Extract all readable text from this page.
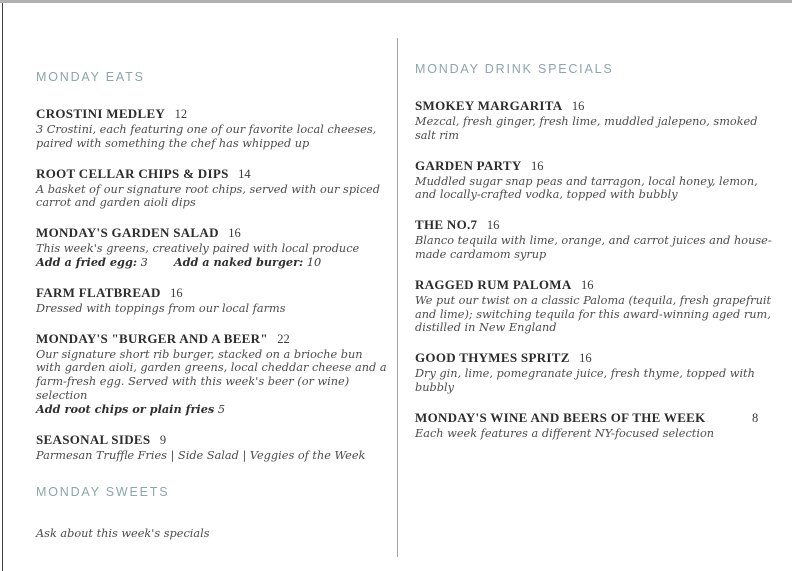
MONDAY EATS
CROSTINI MEDLEY 12
3 Crostini, each featuring one of our favorite local cheeses, paired with something the chef has whipped up
ROOT CELLAR CHIPS & DIPS 14
A basket of our signature root chips, served with our spiced carrot and garden aioli dips
MONDAY'S GARDEN SALAD 16
This week's greens, creatively paired with local produce
Add a fried egg: 3 Add a naked burger: 10
FARM FLATBREAD 16
Dressed with toppings from our local farms
MONDAY'S "BURGER AND A BEER" 22
Our signature short rib burger, stacked on a brioche bun with garden aioli, garden greens, local cheddar cheese and a farm-fresh egg. Served with this week's beer (or wine) selection
Add root chips or plain fries 5
SEASONAL SIDES 9
Parmesan Truffle Fries | Side Salad | Veggies of the Week
MONDAY SWEETS
Ask about this week's specials
MONDAY DRINK SPECIALS
SMOKEY MARGARITA 16
Mezcal, fresh ginger, fresh lime, muddled jalepeno, smoked salt rim
GARDEN PARTY 16
Muddled sugar snap peas and tarragon, local honey, lemon, and locally-crafted vodka, topped with bubbly
THE NO.7 16
Blanco tequila with lime, orange, and carrot juices and house-made cardamom syrup
RAGGED RUM PALOMA 16
We put our twist on a classic Paloma (tequila, fresh grapefruit and lime); switching tequila for this award-winning aged rum, distilled in New England
GOOD THYMES SPRITZ 16
Dry gin, lime, pomegranate juice, fresh thyme, topped with bubbly
MONDAY'S WINE AND BEERS OF THE WEEK	8
Each week features a different NY-focused selection
